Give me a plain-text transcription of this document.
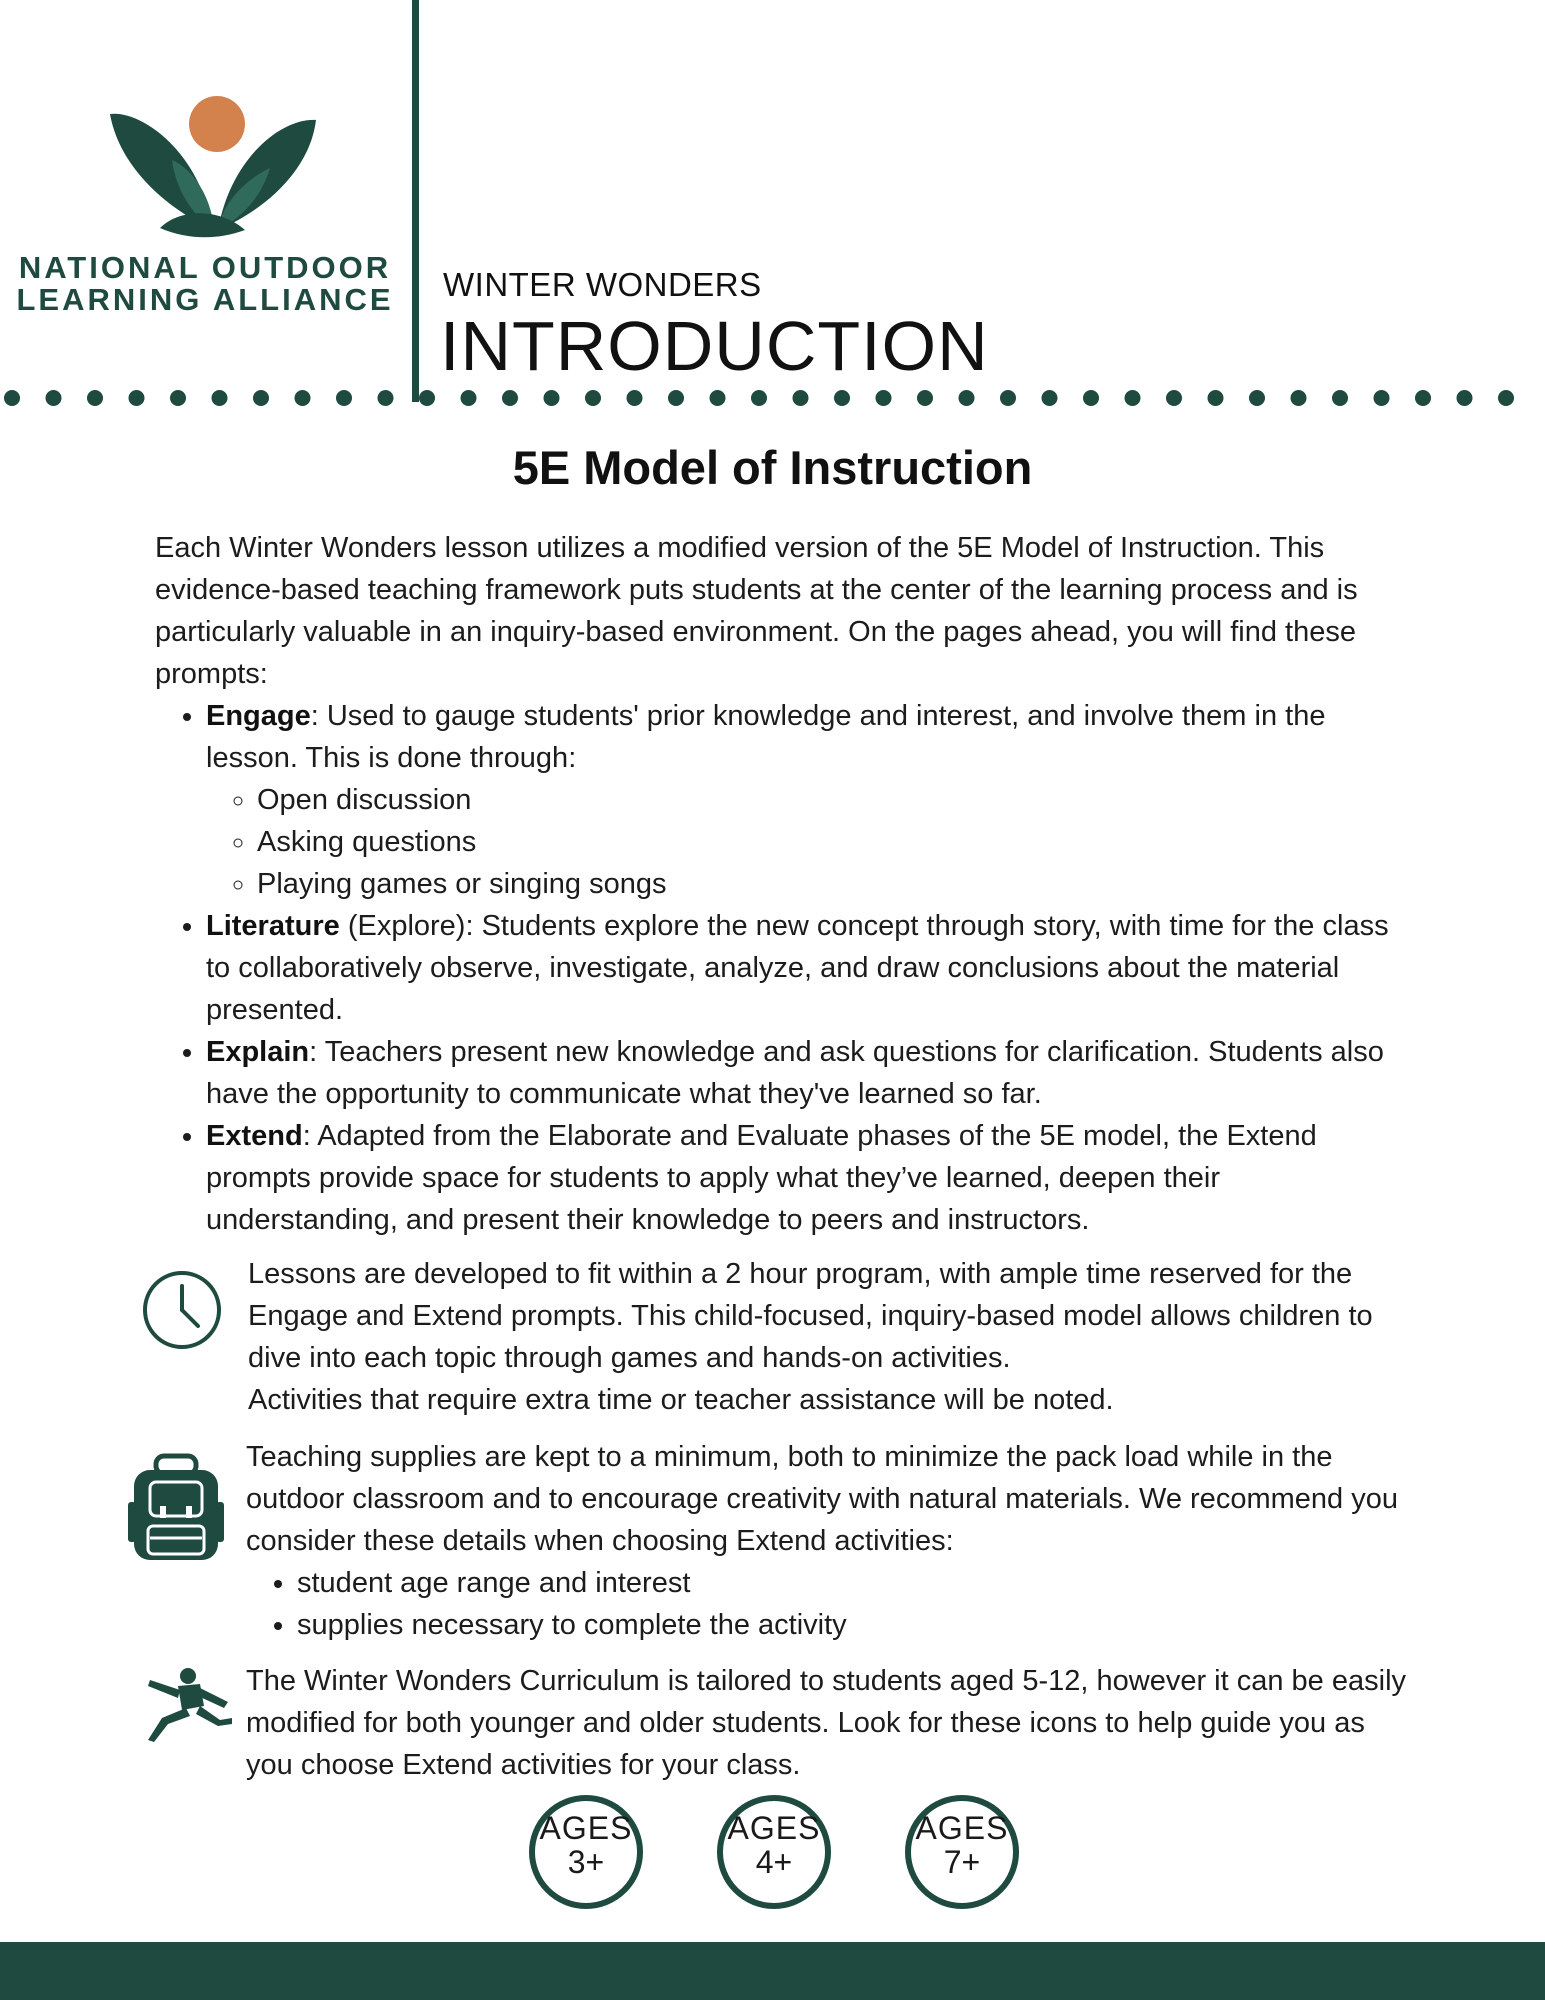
NATIONAL OUTDOOR
LEARNING ALLIANCE	WINTER WONDERS
INTRODUCTION
5E Model of Instruction

Each Winter Wonders lesson utilizes a modified version of the 5E Model of Instruction. This evidence-based teaching framework puts students at the center of the learning process and is particularly valuable in an inquiry-based environment. On the pages ahead, you will find these prompts:

• Engage: Used to gauge students' prior knowledge and interest, and involve them in the lesson. This is done through:
◦ Open discussion
◦ Asking questions
◦ Playing games or singing songs
• Literature (Explore): Students explore the new concept through story, with time for the class to collaboratively observe, investigate, analyze, and draw conclusions about the material presented.
• Explain: Teachers present new knowledge and ask questions for clarification. Students also have the opportunity to communicate what they've learned so far.
• Extend: Adapted from the Elaborate and Evaluate phases of the 5E model, the Extend prompts provide space for students to apply what they’ve learned, deepen their understanding, and present their knowledge to peers and instructors.

Lessons are developed to fit within a 2 hour program, with ample time reserved for the Engage and Extend prompts. This child-focused, inquiry-based model allows children to dive into each topic through games and hands-on activities.

Activities that require extra time or teacher assistance will be noted.

Teaching supplies are kept to a minimum, both to minimize the pack load while in the outdoor classroom and to encourage creativity with natural materials. We recommend you consider these details when choosing Extend activities:

• student age range and interest
• supplies necessary to complete the activity

The Winter Wonders Curriculum is tailored to students aged 5-12, however it can be easily modified for both younger and older students. Look for these icons to help guide you as you choose Extend activities for your class.

AGES
3+
AGES
4+
AGES
7+
